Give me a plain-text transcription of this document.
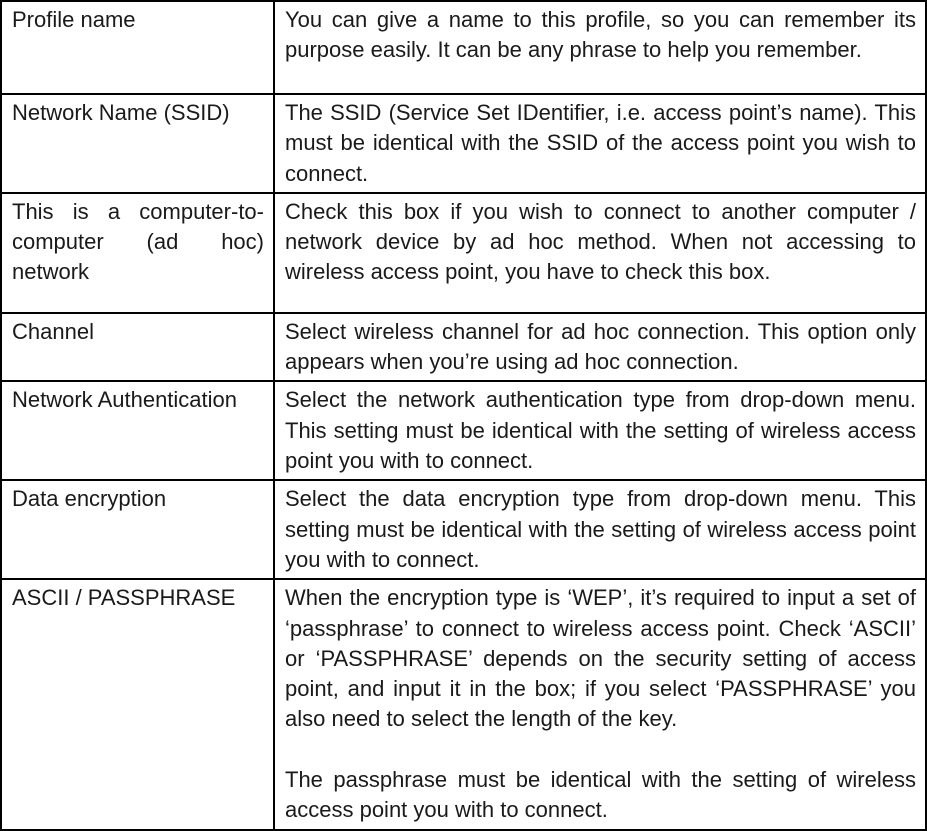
Profile name	You can give a name to this profile, so you can remember its purpose easily. It can be any phrase to help you remember.

Network Name (SSID)	The SSID (Service Set IDentifier, i.e. access point’s name). This must be identical with the SSID of the access point you wish to connect.

This is a computer-to-computer (ad hoc) network	Check this box if you wish to connect to another computer / network device by ad hoc method. When not accessing to wireless access point, you have to check this box.

Channel	Select wireless channel for ad hoc connection. This option only appears when you’re using ad hoc connection.

Network Authentication	Select the network authentication type from drop-down menu. This setting must be identical with the setting of wireless access point you with to connect.

Data encryption	Select the data encryption type from drop-down menu. This setting must be identical with the setting of wireless access point you with to connect.

ASCII / PASSPHRASE	When the encryption type is ‘WEP’, it’s required to input a set of ‘passphrase’ to connect to wireless access point. Check ‘ASCII’ or ‘PASSPHRASE’ depends on the security setting of access point, and input it in the box; if you select ‘PASSPHRASE’ you also need to select the length of the key.

The passphrase must be identical with the setting of wireless access point you with to connect.
